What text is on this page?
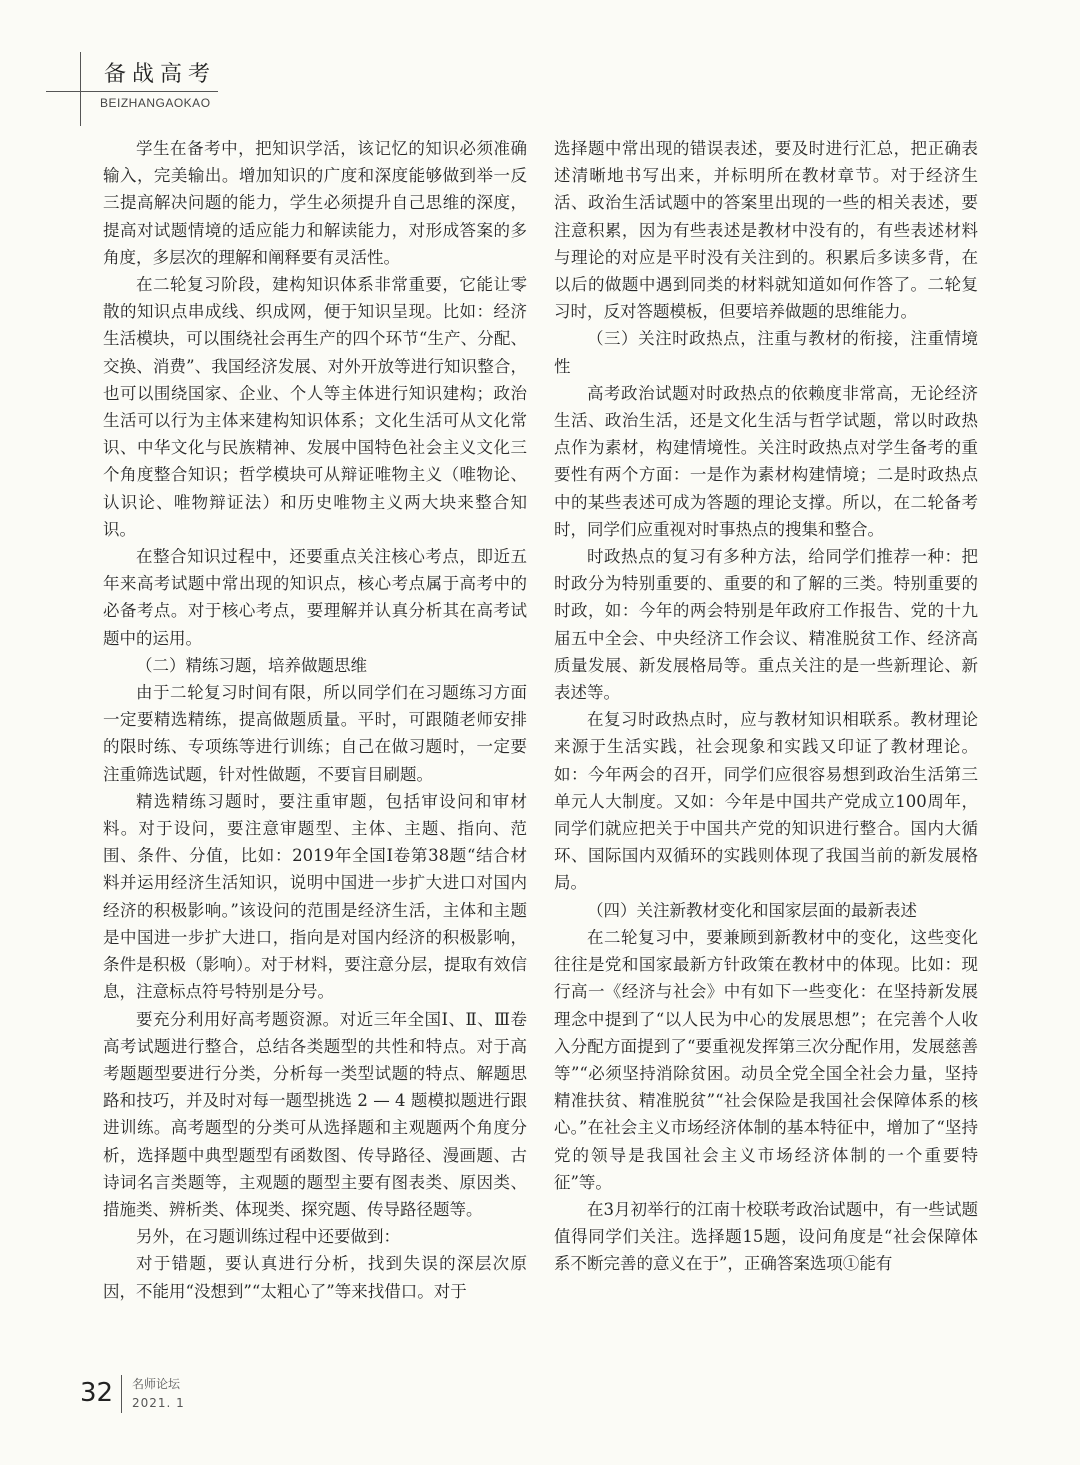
备战高考
BEIZHANGAOKAO

学生在备考中，把知识学活，该记忆的知识必须准确输入，完美输出。增加知识的广度和深度能够做到举一反三提高解决问题的能力，学生必须提升自己思维的深度，提高对试题情境的适应能力和解读能力，对形成答案的多角度，多层次的理解和阐释要有灵活性。

在二轮复习阶段，建构知识体系非常重要，它能让零散的知识点串成线、织成网，便于知识呈现。比如：经济生活模块，可以围绕社会再生产的四个环节“生产、分配、交换、消费”、我国经济发展、对外开放等进行知识整合，也可以围绕国家、企业、个人等主体进行知识建构；政治生活可以行为主体来建构知识体系；文化生活可从文化常识、中华文化与民族精神、发展中国特色社会主义文化三个角度整合知识；哲学模块可从辩证唯物主义（唯物论、认识论、唯物辩证法）和历史唯物主义两大块来整合知识。

在整合知识过程中，还要重点关注核心考点，即近五年来高考试题中常出现的知识点，核心考点属于高考中的必备考点。对于核心考点，要理解并认真分析其在高考试题中的运用。

（二）精练习题，培养做题思维

由于二轮复习时间有限，所以同学们在习题练习方面一定要精选精练，提高做题质量。平时，可跟随老师安排的限时练、专项练等进行训练；自己在做习题时，一定要注重筛选试题，针对性做题，不要盲目刷题。

精选精练习题时，要注重审题，包括审设问和审材料。对于设问，要注意审题型、主体、主题、指向、范围、条件、分值，比如：2019年全国Ⅰ卷第38题“结合材料并运用经济生活知识，说明中国进一步扩大进口对国内经济的积极影响。”该设问的范围是经济生活，主体和主题是中国进一步扩大进口，指向是对国内经济的积极影响，条件是积极（影响）。对于材料，要注意分层，提取有效信息，注意标点符号特别是分号。

要充分利用好高考题资源。对近三年全国Ⅰ、Ⅱ、Ⅲ卷高考试题进行整合，总结各类题型的共性和特点。对于高考题题型要进行分类，分析每一类型试题的特点、解题思路和技巧，并及时对每一题型挑选 2 — 4 题模拟题进行跟进训练。高考题型的分类可从选择题和主观题两个角度分析，选择题中典型题型有函数图、传导路径、漫画题、古诗词名言类题等，主观题的题型主要有图表类、原因类、措施类、辨析类、体现类、探究题、传导路径题等。

另外，在习题训练过程中还要做到：

对于错题，要认真进行分析，找到失误的深层次原因，不能用“没想到”“太粗心了”等来找借口。对于

选择题中常出现的错误表述，要及时进行汇总，把正确表述清晰地书写出来，并标明所在教材章节。对于经济生活、政治生活试题中的答案里出现的一些的相关表述，要注意积累，因为有些表述是教材中没有的，有些表述材料与理论的对应是平时没有关注到的。积累后多读多背，在以后的做题中遇到同类的材料就知道如何作答了。二轮复习时，反对答题模板，但要培养做题的思维能力。

（三）关注时政热点，注重与教材的衔接，注重情境性

高考政治试题对时政热点的依赖度非常高，无论经济生活、政治生活，还是文化生活与哲学试题，常以时政热点作为素材，构建情境性。关注时政热点对学生备考的重要性有两个方面：一是作为素材构建情境；二是时政热点中的某些表述可成为答题的理论支撑。所以，在二轮备考时，同学们应重视对时事热点的搜集和整合。

时政热点的复习有多种方法，给同学们推荐一种：把时政分为特别重要的、重要的和了解的三类。特别重要的时政，如：今年的两会特别是年政府工作报告、党的十九届五中全会、中央经济工作会议、精准脱贫工作、经济高质量发展、新发展格局等。重点关注的是一些新理论、新表述等。

在复习时政热点时，应与教材知识相联系。教材理论来源于生活实践，社会现象和实践又印证了教材理论。如：今年两会的召开，同学们应很容易想到政治生活第三单元人大制度。又如：今年是中国共产党成立100周年，同学们就应把关于中国共产党的知识进行整合。国内大循环、国际国内双循环的实践则体现了我国当前的新发展格局。

（四）关注新教材变化和国家层面的最新表述

在二轮复习中，要兼顾到新教材中的变化，这些变化往往是党和国家最新方针政策在教材中的体现。比如：现行高一《经济与社会》中有如下一些变化：在坚持新发展理念中提到了“以人民为中心的发展思想”；在完善个人收入分配方面提到了“要重视发挥第三次分配作用，发展慈善等”“必须坚持消除贫困。动员全党全国全社会力量，坚持精准扶贫、精准脱贫”“社会保险是我国社会保障体系的核心。”在社会主义市场经济体制的基本特征中，增加了“坚持党的领导是我国社会主义市场经济体制的一个重要特征”等。

在3月初举行的江南十校联考政治试题中，有一些试题值得同学们关注。选择题15题，设问角度是“社会保障体系不断完善的意义在于”，正确答案选项①能有

32 名师论坛
2021. 1
